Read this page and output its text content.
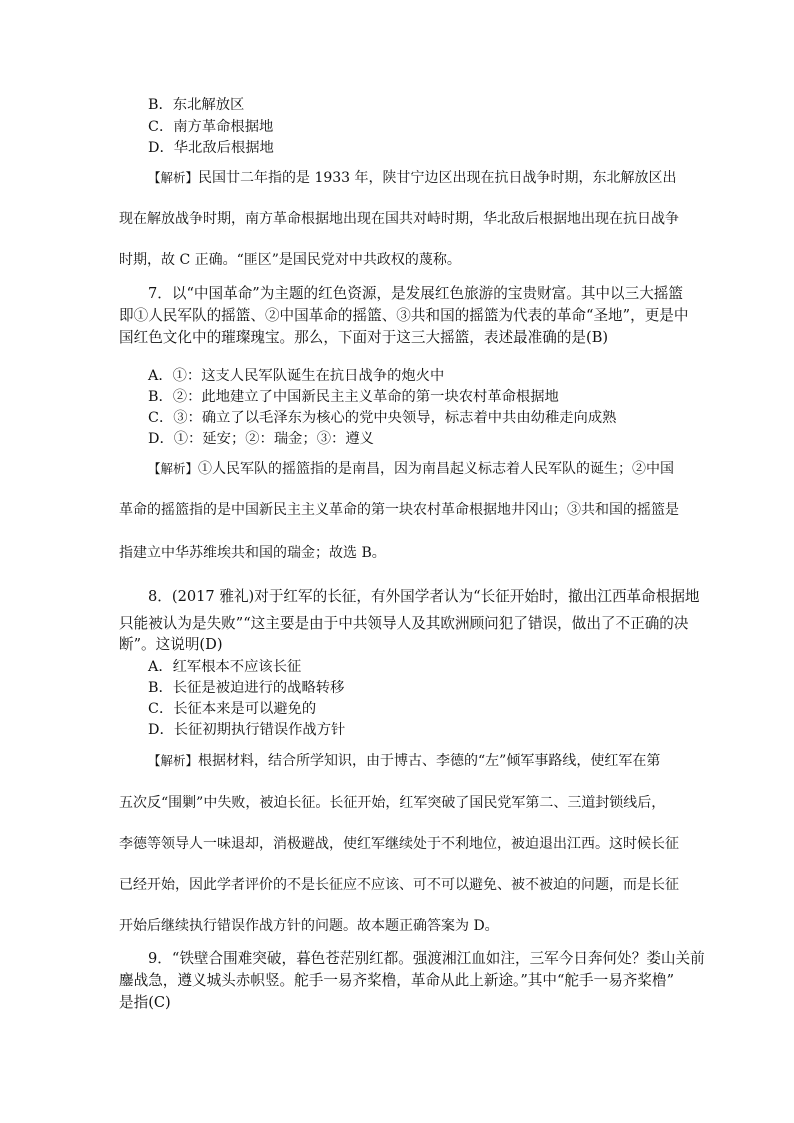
B．东北解放区
C．南方革命根据地
D．华北敌后根据地
【解析】民国廿二年指的是 1933 年，陕甘宁边区出现在抗日战争时期，东北解放区出
现在解放战争时期，南方革命根据地出现在国共对峙时期，华北敌后根据地出现在抗日战争
时期，故 C 正确。“匪区”是国民党对中共政权的蔑称。
7．以“中国革命”为主题的红色资源，是发展红色旅游的宝贵财富。其中以三大摇篮
即①人民军队的摇篮、②中国革命的摇篮、③共和国的摇篮为代表的革命“圣地”，更是中
国红色文化中的璀璨瑰宝。那么，下面对于这三大摇篮，表述最准确的是(B)
A．①：这支人民军队诞生在抗日战争的炮火中
B．②：此地建立了中国新民主主义革命的第一块农村革命根据地
C．③：确立了以毛泽东为核心的党中央领导，标志着中共由幼稚走向成熟
D．①：延安；②：瑞金；③：遵义
【解析】①人民军队的摇篮指的是南昌，因为南昌起义标志着人民军队的诞生；②中国
革命的摇篮指的是中国新民主主义革命的第一块农村革命根据地井冈山；③共和国的摇篮是
指建立中华苏维埃共和国的瑞金；故选 B。
8．(2017 雅礼)对于红军的长征，有外国学者认为“长征开始时，撤出江西革命根据地
只能被认为是失败”“这主要是由于中共领导人及其欧洲顾问犯了错误，做出了不正确的决
断”。这说明(D)
A．红军根本不应该长征
B．长征是被迫进行的战略转移
C．长征本来是可以避免的
D．长征初期执行错误作战方针
【解析】根据材料，结合所学知识，由于博古、李德的“左”倾军事路线，使红军在第
五次反“围剿”中失败，被迫长征。长征开始，红军突破了国民党军第二、三道封锁线后，
李德等领导人一味退却，消极避战，使红军继续处于不利地位，被迫退出江西。这时候长征
已经开始，因此学者评价的不是长征应不应该、可不可以避免、被不被迫的问题，而是长征
开始后继续执行错误作战方针的问题。故本题正确答案为 D。
9．“铁壁合围难突破，暮色苍茫别红都。强渡湘江血如注，三军今日奔何处？娄山关前
鏖战急，遵义城头赤帜竖。舵手一易齐桨橹，革命从此上新途。”其中“舵手一易齐桨橹”
是指(C)
